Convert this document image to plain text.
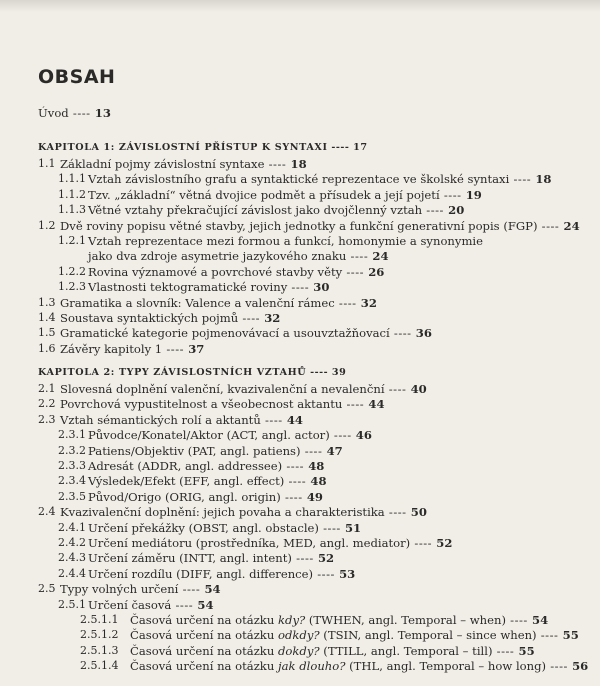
OBSAH
Úvod ---- 13
KAPITOLA 1: ZÁVISLOSTNÍ PŘÍSTUP K SYNTAXI ---- 17
1.1 Základní pojmy závislostní syntaxe ---- 18
1.1.1 Vztah závislostního grafu a syntaktické reprezentace ve školské syntaxi ---- 18
1.1.2 Tzv. „základní“ větná dvojice podmět a přísudek a její pojetí ---- 19
1.1.3 Větné vztahy překračující závislost jako dvojčlenný vztah ---- 20
1.2 Dvě roviny popisu větné stavby, jejich jednotky a funkční generativní popis (FGP) ---- 24
1.2.1 Vztah reprezentace mezi formou a funkcí, homonymie a synonymie
jako dva zdroje asymetrie jazykového znaku ---- 24
1.2.2 Rovina významové a povrchové stavby věty ---- 26
1.2.3 Vlastnosti tektogramatické roviny ---- 30
1.3 Gramatika a slovník: Valence a valenční rámec ---- 32
1.4 Soustava syntaktických pojmů ---- 32
1.5 Gramatické kategorie pojmenovávací a usouvztažňovací ---- 36
1.6 Závěry kapitoly 1 ---- 37
KAPITOLA 2: TYPY ZÁVISLOSTNÍCH VZTAHŮ ---- 39
2.1 Slovesná doplnění valenční, kvazivalenční a nevalenční ---- 40
2.2 Povrchová vypustitelnost a všeobecnost aktantu ---- 44
2.3 Vztah sémantických rolí a aktantů ---- 44
2.3.1 Původce/Konatel/Aktor (ACT, angl. actor) ---- 46
2.3.2 Patiens/Objektiv (PAT, angl. patiens) ---- 47
2.3.3 Adresát (ADDR, angl. addressee) ---- 48
2.3.4 Výsledek/Efekt (EFF, angl. effect) ---- 48
2.3.5 Původ/Origo (ORIG, angl. origin) ---- 49
2.4 Kvazivalenční doplnění: jejich povaha a charakteristika ---- 50
2.4.1 Určení překážky (OBST, angl. obstacle) ---- 51
2.4.2 Určení mediátoru (prostředníka, MED, angl. mediator) ---- 52
2.4.3 Určení záměru (INTT, angl. intent) ---- 52
2.4.4 Určení rozdílu (DIFF, angl. difference) ---- 53
2.5 Typy volných určení ---- 54
2.5.1 Určení časová ---- 54
2.5.1.1 Časová určení na otázku kdy? (TWHEN, angl. Temporal – when) ---- 54
2.5.1.2 Časová určení na otázku odkdy? (TSIN, angl. Temporal – since when) ---- 55
2.5.1.3 Časová určení na otázku dokdy? (TTILL, angl. Temporal – till) ---- 55
2.5.1.4 Časová určení na otázku jak dlouho? (THL, angl. Temporal – how long) ---- 56
